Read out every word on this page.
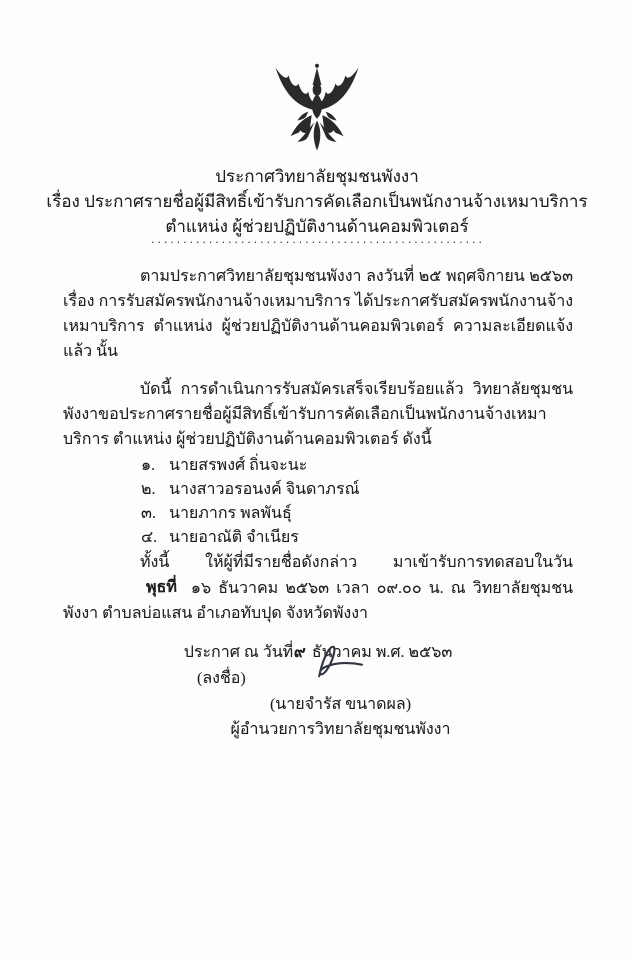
ประกาศวิทยาลัยชุมชนพังงา
เรื่อง ประกาศรายชื่อผู้มีสิทธิ์เข้ารับการคัดเลือกเป็นพนักงานจ้างเหมาบริการ
ตำแหน่ง ผู้ช่วยปฏิบัติงานด้านคอมพิวเตอร์
....................................................

ตามประกาศวิทยาลัยชุมชนพังงา ลงวันที่ ๒๕ พฤศจิกายน ๒๕๖๓ เรื่อง การรับสมัครพนักงานจ้างเหมาบริการ ได้ประกาศรับสมัครพนักงานจ้างเหมาบริการ ตำแหน่ง ผู้ช่วยปฏิบัติงานด้านคอมพิวเตอร์ ความละเอียดแจ้งแล้ว นั้น

บัดนี้ การดำเนินการรับสมัครเสร็จเรียบร้อยแล้ว วิทยาลัยชุมชนพังงาขอประกาศรายชื่อผู้มีสิทธิ์เข้ารับการคัดเลือกเป็นพนักงานจ้างเหมาบริการ ตำแหน่ง ผู้ช่วยปฏิบัติงานด้านคอมพิวเตอร์ ดังนี้

๑. นายสรพงศ์ ถิ่นจะนะ
๒. นางสาวอรอนงค์ จินดาภรณ์
๓. นายภากร พลพันธุ์
๔. นายอาณัติ จำเนียร

ทั้งนี้ ให้ผู้ที่มีรายชื่อดังกล่าว มาเข้ารับการทดสอบในวันพุธที่ ๑๖ ธันวาคม ๒๕๖๓ เวลา ๐๙.๐๐ น. ณ วิทยาลัยชุมชนพังงา ตำบลบ่อแสน อำเภอทับปุด จังหวัดพังงา

ประกาศ ณ วันที่๙ ธันวาคม พ.ศ. ๒๕๖๓

(ลงชื่อ)
(นายจำรัส ขนาดผล)
ผู้อำนวยการวิทยาลัยชุมชนพังงา
